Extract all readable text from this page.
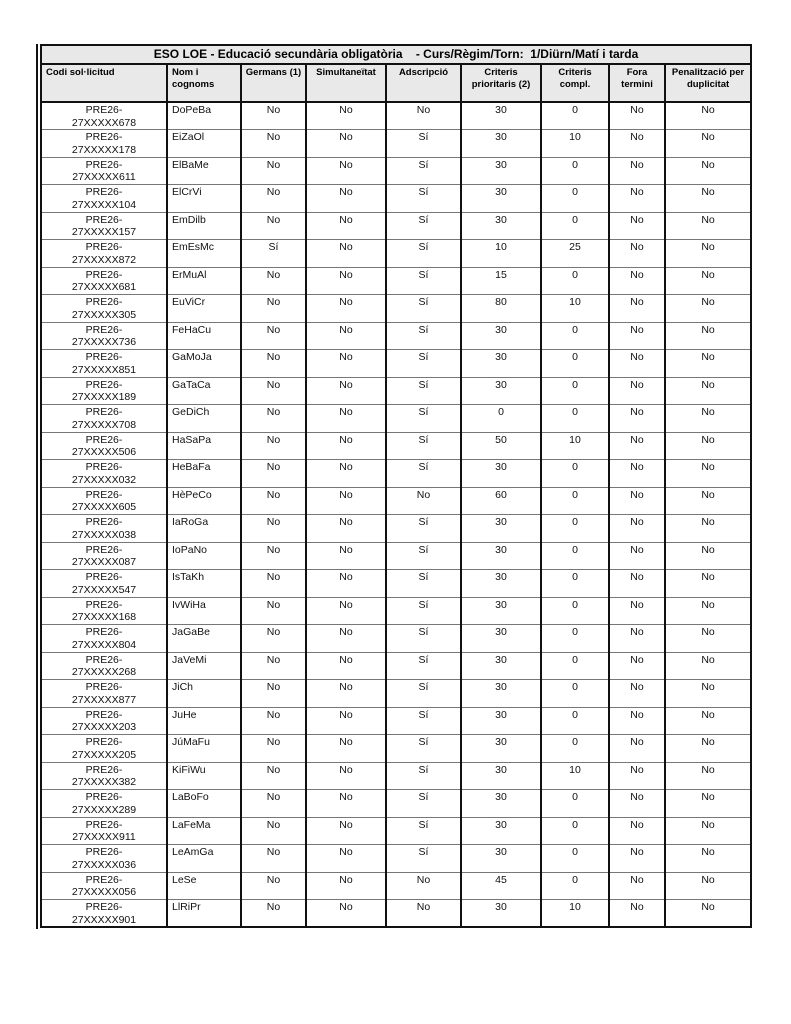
ESO LOE - Educació secundària obligatòria    - Curs/Règim/Torn:  1/Diürn/Matí i tarda								
Codi sol·licitud	Nom i cognoms	Germans (1)	Simultaneïtat	Adscripció	Criteris prioritaris (2)	Criteris compl.	Fora termini	Penalització per duplicitat

PRE26-
27XXXXX678	DoPeBa	No	No	No	30	0	No	No

PRE26-
27XXXXX178	EiZaOl	No	No	Sí	30	10	No	No

PRE26-
27XXXXX611	ElBaMe	No	No	Sí	30	0	No	No

PRE26-
27XXXXX104	ElCrVi	No	No	Sí	30	0	No	No

PRE26-
27XXXXX157	EmDilb	No	No	Sí	30	0	No	No

PRE26-
27XXXXX872	EmEsMc	Sí	No	Sí	10	25	No	No

PRE26-
27XXXXX681	ErMuAl	No	No	Sí	15	0	No	No

PRE26-
27XXXXX305	EuViCr	No	No	Sí	80	10	No	No

PRE26-
27XXXXX736	FeHaCu	No	No	Sí	30	0	No	No

PRE26-
27XXXXX851	GaMoJa	No	No	Sí	30	0	No	No

PRE26-
27XXXXX189	GaTaCa	No	No	Sí	30	0	No	No

PRE26-
27XXXXX708	GeDiCh	No	No	Sí	0	0	No	No

PRE26-
27XXXXX506	HaSaPa	No	No	Sí	50	10	No	No

PRE26-
27XXXXX032	HeBaFa	No	No	Sí	30	0	No	No

PRE26-
27XXXXX605	HèPeCo	No	No	No	60	0	No	No

PRE26-
27XXXXX038	IaRoGa	No	No	Sí	30	0	No	No

PRE26-
27XXXXX087	IoPaNo	No	No	Sí	30	0	No	No

PRE26-
27XXXXX547	IsTaKh	No	No	Sí	30	0	No	No

PRE26-
27XXXXX168	IvWiHa	No	No	Sí	30	0	No	No

PRE26-
27XXXXX804	JaGaBe	No	No	Sí	30	0	No	No

PRE26-
27XXXXX268	JaVeMi	No	No	Sí	30	0	No	No

PRE26-
27XXXXX877	JiCh	No	No	Sí	30	0	No	No

PRE26-
27XXXXX203	JuHe	No	No	Sí	30	0	No	No

PRE26-
27XXXXX205	JúMaFu	No	No	Sí	30	0	No	No

PRE26-
27XXXXX382	KiFiWu	No	No	Sí	30	10	No	No

PRE26-
27XXXXX289	LaBoFo	No	No	Sí	30	0	No	No

PRE26-
27XXXXX911	LaFeMa	No	No	Sí	30	0	No	No

PRE26-
27XXXXX036	LeAmGa	No	No	Sí	30	0	No	No

PRE26-
27XXXXX056	LeSe	No	No	No	45	0	No	No

PRE26-
27XXXXX901	LlRiPr	No	No	No	30	10	No	No
